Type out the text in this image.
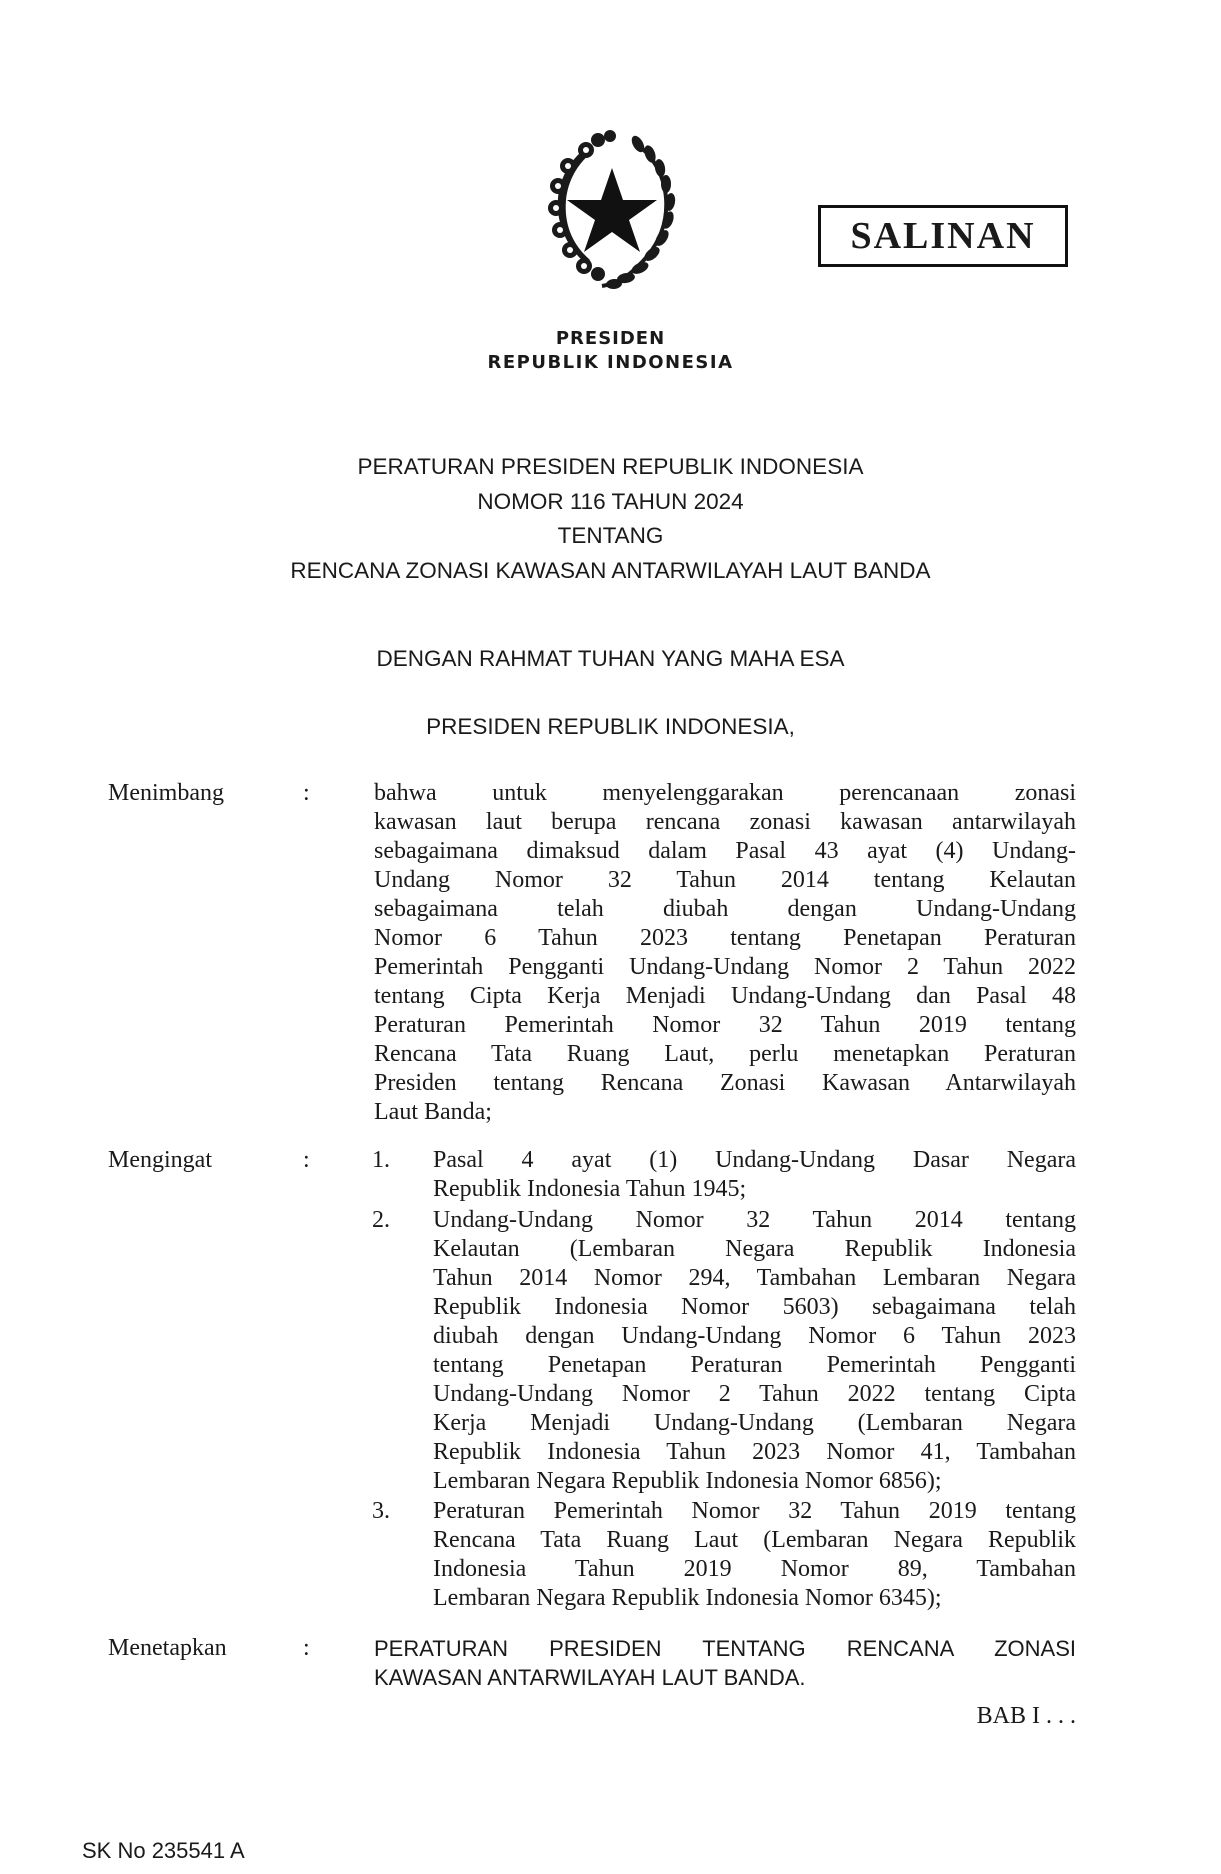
SALINAN
PRESIDEN
REPUBLIK INDONESIA
PERATURAN PRESIDEN REPUBLIK INDONESIA
NOMOR 116 TAHUN 2024
TENTANG
RENCANA ZONASI KAWASAN ANTARWILAYAH LAUT BANDA
DENGAN RAHMAT TUHAN YANG MAHA ESA
PRESIDEN REPUBLIK INDONESIA,
Menimbang	:	bahwa untuk menyelenggarakan perencanaan zonasi
kawasan laut berupa rencana zonasi kawasan antarwilayah
sebagaimana dimaksud dalam Pasal 43 ayat (4) Undang-
Undang Nomor 32 Tahun 2014 tentang Kelautan
sebagaimana telah diubah dengan Undang-Undang
Nomor 6 Tahun 2023 tentang Penetapan Peraturan
Pemerintah Pengganti Undang-Undang Nomor 2 Tahun 2022
tentang Cipta Kerja Menjadi Undang-Undang dan Pasal 48
Peraturan Pemerintah Nomor 32 Tahun 2019 tentang
Rencana Tata Ruang Laut, perlu menetapkan Peraturan
Presiden tentang Rencana Zonasi Kawasan Antarwilayah
Laut Banda;
Mengingat	:	1. Pasal 4 ayat (1) Undang-Undang Dasar Negara
Republik Indonesia Tahun 1945;
2. Undang-Undang Nomor 32 Tahun 2014 tentang
Kelautan (Lembaran Negara Republik Indonesia
Tahun 2014 Nomor 294, Tambahan Lembaran Negara
Republik Indonesia Nomor 5603) sebagaimana telah
diubah dengan Undang-Undang Nomor 6 Tahun 2023
tentang Penetapan Peraturan Pemerintah Pengganti
Undang-Undang Nomor 2 Tahun 2022 tentang Cipta
Kerja Menjadi Undang-Undang (Lembaran Negara
Republik Indonesia Tahun 2023 Nomor 41, Tambahan
Lembaran Negara Republik Indonesia Nomor 6856);
3. Peraturan Pemerintah Nomor 32 Tahun 2019 tentang
Rencana Tata Ruang Laut (Lembaran Negara Republik
Indonesia Tahun 2019 Nomor 89, Tambahan
Lembaran Negara Republik Indonesia Nomor 6345);
Menetapkan	:	PERATURAN PRESIDEN TENTANG RENCANA ZONASI
KAWASAN ANTARWILAYAH LAUT BANDA.
BAB I . . .
SK No 235541 A
